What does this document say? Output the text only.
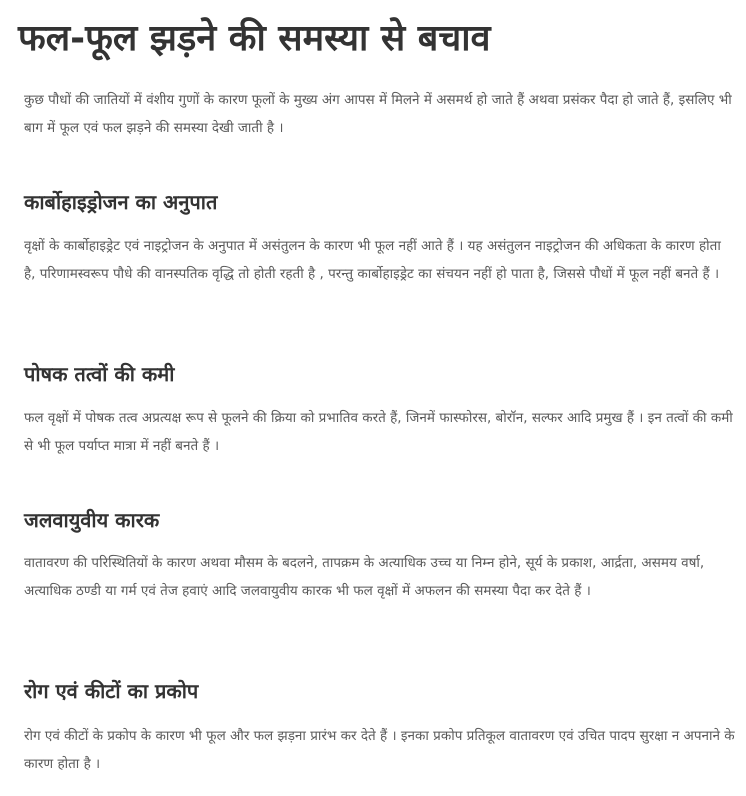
फल-फूल झड़ने की समस्या से बचाव

कुछ पौधों की जातियों में वंशीय गुणों के कारण फूलों के मुख्य अंग आपस में मिलने में असमर्थ हो जाते हैं अथवा प्रसंकर पैदा हो जाते हैं, इसलिए भी बाग में फूल एवं फल झड़ने की समस्या देखी जाती है ।

कार्बोहाइड्रोजन का अनुपात

वृक्षों के कार्बोहाइड्रेट एवं नाइट्रोजन के अनुपात में असंतुलन के कारण भी फूल नहीं आते हैं । यह असंतुलन नाइट्रोजन की अधिकता के कारण होता है, परिणामस्वरूप पौधे की वानस्पतिक वृद्धि तो होती रहती है , परन्तु कार्बोहाइड्रेट का संचयन नहीं हो पाता है, जिससे पौधों में फूल नहीं बनते हैं ।

पोषक तत्वों की कमी

फल वृक्षों में पोषक तत्व अप्रत्यक्ष रूप से फूलने की क्रिया को प्रभातिव करते हैं, जिनमें फास्फोरस, बोरॉन, सल्फर आदि प्रमुख हैं । इन तत्वों की कमी से भी फूल पर्याप्त मात्रा में नहीं बनते हैं ।

जलवायुवीय कारक

वातावरण की परिस्थितियों के कारण अथवा मौसम के बदलने, तापक्रम के अत्याधिक उच्च या निम्न होने, सूर्य के प्रकाश, आर्द्रता, असमय वर्षा, अत्याधिक ठण्डी या गर्म एवं तेज हवाएं आदि जलवायुवीय कारक भी फल वृक्षों में अफलन की समस्या पैदा कर देते हैं ।

रोग एवं कीटों का प्रकोप

रोग एवं कीटों के प्रकोप के कारण भी फूल और फल झड़ना प्रारंभ कर देते हैं । इनका प्रकोप प्रतिकूल वातावरण एवं उचित पादप सुरक्षा न अपनाने के कारण होता है ।
